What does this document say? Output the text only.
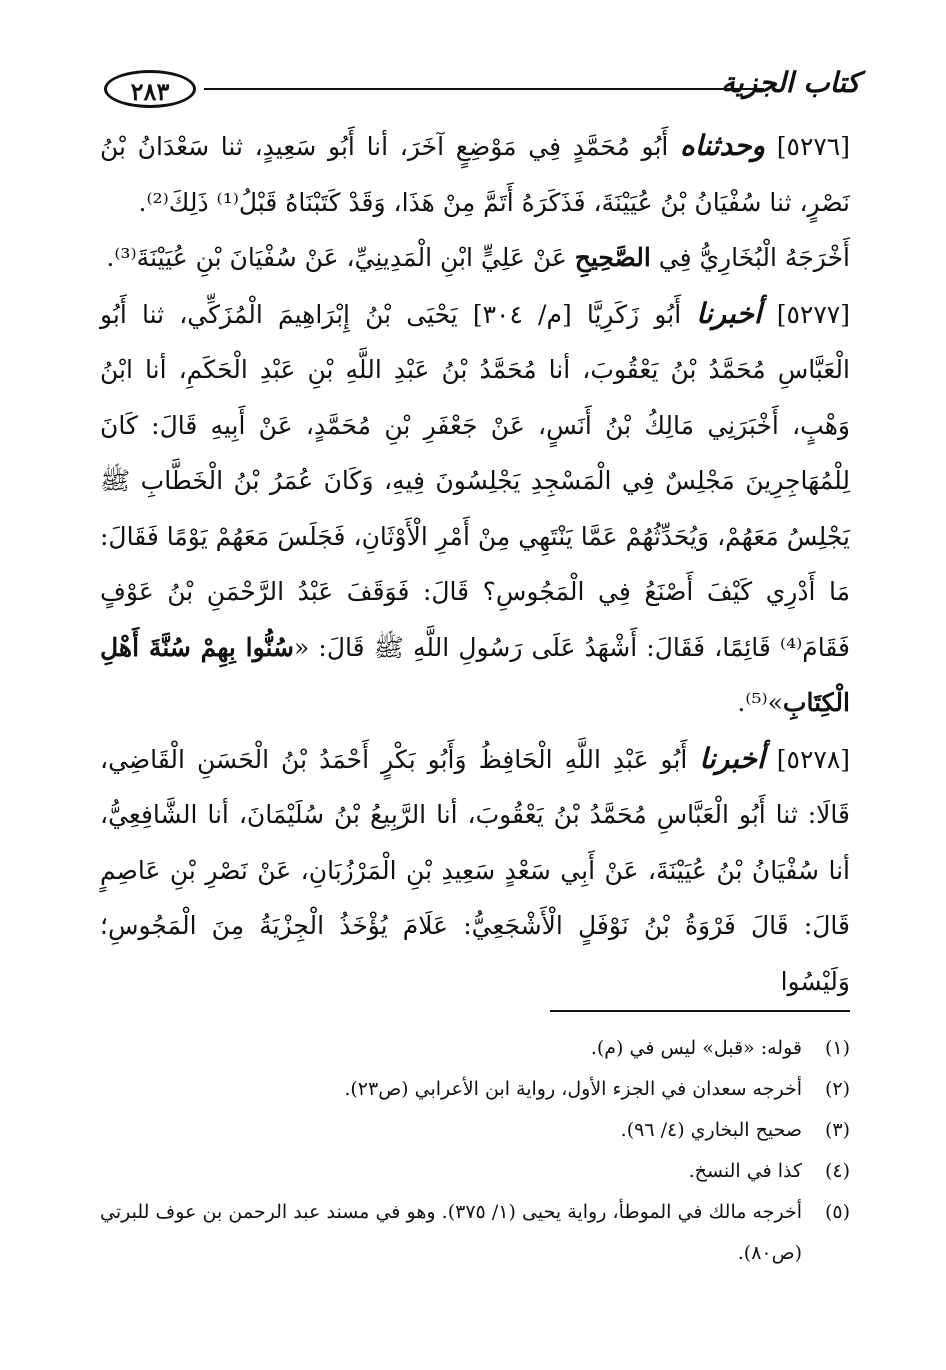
٢٨٣	كتاب الجزية

[٥٢٧٦] وحدثناه أَبُو مُحَمَّدٍ فِي مَوْضِعٍ آخَرَ، أنا أَبُو سَعِيدٍ، ثنا سَعْدَانُ بْنُ نَصْرٍ، ثنا سُفْيَانُ بْنُ عُيَيْنَةَ، فَذَكَرَهُ أَتَمَّ مِنْ هَذَا، وَقَدْ كَتَبْنَاهُ قَبْلُ⁽¹⁾ ذَلِكَ⁽²⁾.

أَخْرَجَهُ الْبُخَارِيُّ فِي الصَّحِيحِ عَنْ عَلِيٍّ ابْنِ الْمَدِينِيِّ، عَنْ سُفْيَانَ بْنِ عُيَيْنَةَ⁽³⁾.

[٥٢٧٧] أخبرنا أَبُو زَكَرِيَّا [م/ ٣٠٤] يَحْيَى بْنُ إِبْرَاهِيمَ الْمُزَكِّي، ثنا أَبُو الْعَبَّاسِ مُحَمَّدُ بْنُ يَعْقُوبَ، أنا مُحَمَّدُ بْنُ عَبْدِ اللَّهِ بْنِ عَبْدِ الْحَكَمِ، أنا ابْنُ وَهْبٍ، أَخْبَرَنِي مَالِكُ بْنُ أَنَسٍ، عَنْ جَعْفَرِ بْنِ مُحَمَّدٍ، عَنْ أَبِيهِ قَالَ: كَانَ لِلْمُهَاجِرِينَ مَجْلِسٌ فِي الْمَسْجِدِ يَجْلِسُونَ فِيهِ، وَكَانَ عُمَرُ بْنُ الْخَطَّابِ ﷺ يَجْلِسُ مَعَهُمْ، وَيُحَدِّثُهُمْ عَمَّا يَنْتَهِي مِنْ أَمْرِ الْأَوْثَانِ، فَجَلَسَ مَعَهُمْ يَوْمًا فَقَالَ: مَا أَدْرِي كَيْفَ أَصْنَعُ فِي الْمَجُوسِ؟ قَالَ: فَوَقَفَ عَبْدُ الرَّحْمَنِ بْنُ عَوْفٍ فَقَامَ⁽⁴⁾ قَائِمًا، فَقَالَ: أَشْهَدُ عَلَى رَسُولِ اللَّهِ ﷺ قَالَ: «سُنُّوا بِهِمْ سُنَّةَ أَهْلِ الْكِتَابِ»⁽⁵⁾.

[٥٢٧٨] أخبرنا أَبُو عَبْدِ اللَّهِ الْحَافِظُ وَأَبُو بَكْرٍ أَحْمَدُ بْنُ الْحَسَنِ الْقَاضِي، قَالَا: ثنا أَبُو الْعَبَّاسِ مُحَمَّدُ بْنُ يَعْقُوبَ، أنا الرَّبِيعُ بْنُ سُلَيْمَانَ، أنا الشَّافِعِيُّ، أنا سُفْيَانُ بْنُ عُيَيْنَةَ، عَنْ أَبِي سَعْدٍ سَعِيدِ بْنِ الْمَرْزُبَانِ، عَنْ نَصْرِ بْنِ عَاصِمٍ قَالَ: قَالَ فَرْوَةُ بْنُ نَوْفَلٍ الْأَشْجَعِيُّ: عَلَامَ يُؤْخَذُ الْجِزْيَةُ مِنَ الْمَجُوسِ؛ وَلَيْسُوا

(١)
قوله: «قبل» ليس في (م).
(٢)
أخرجه سعدان في الجزء الأول، رواية ابن الأعرابي (ص٢٣).
(٣)
صحيح البخاري (٤/ ٩٦).
(٤)
كذا في النسخ.
(٥)
أخرجه مالك في الموطأ، رواية يحيى (١/ ٣٧٥). وهو في مسند عبد الرحمن بن عوف للبرتي (ص٨٠).
